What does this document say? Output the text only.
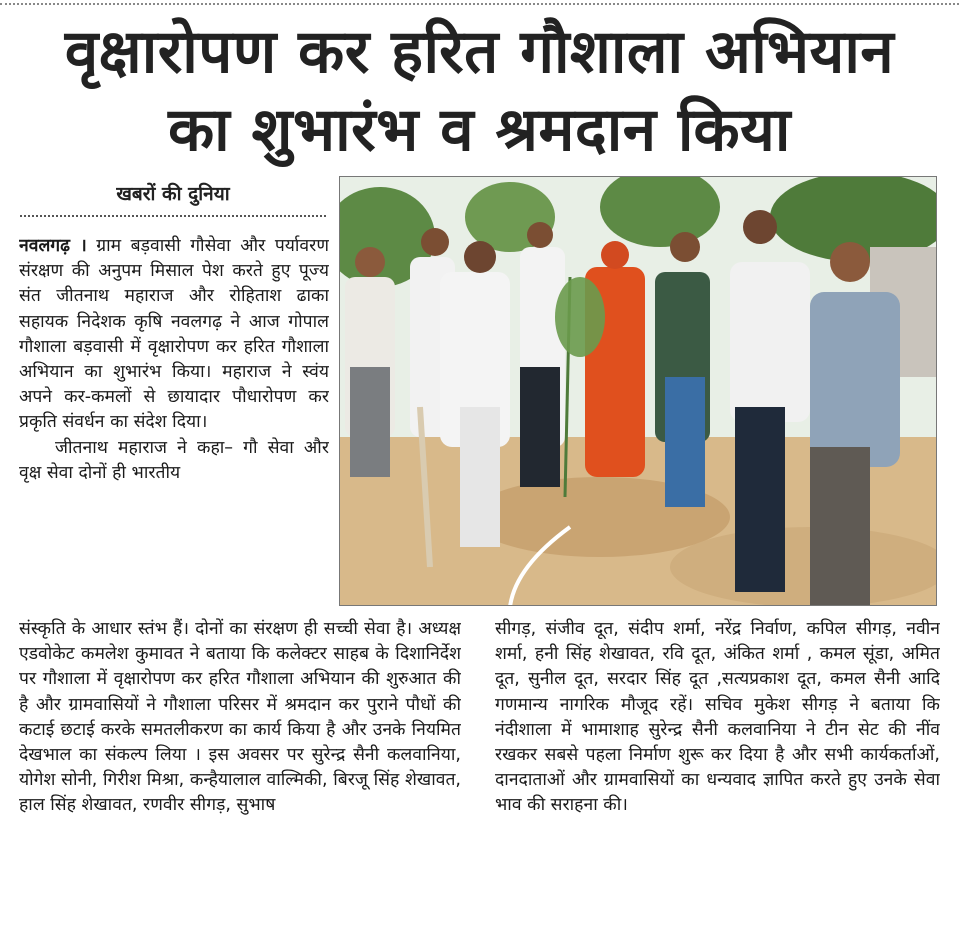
वृक्षारोपण कर हरित गौशाला अभियान
का शुभारंभ व श्रमदान किया
खबरों की दुनिया

नवलगढ़ । ग्राम बड़वासी गौसेवा और पर्यावरण संरक्षण की अनुपम मिसाल पेश करते हुए पूज्य संत जीतनाथ महाराज और रोहिताश ढाका सहायक निदेशक कृषि नवलगढ़ ने आज गोपाल गौशाला बड़वासी में वृक्षारोपण कर हरित गौशाला अभियान का शुभारंभ किया। महाराज ने स्वंय अपने कर-कमलों से छायादार पौधारोपण कर प्रकृति संवर्धन का संदेश दिया।

जीतनाथ महाराज ने कहा– गौ सेवा और वृक्ष सेवा दोनों ही भारतीय

संस्कृति के आधार स्तंभ हैं। दोनों का संरक्षण ही सच्ची सेवा है। अध्यक्ष एडवोकेट कमलेश कुमावत ने बताया कि कलेक्टर साहब के दिशानिर्देश पर गौशाला में वृक्षारोपण कर हरित गौशाला अभियान की शुरुआत की है और ग्रामवासियों ने गौशाला परिसर में श्रमदान कर पुराने पौधों की कटाई छटाई करके समतलीकरण का कार्य किया है और उनके नियमित देखभाल का संकल्प लिया । इस अवसर पर सुरेन्द्र सैनी कलवानिया, योगेश सोनी, गिरीश मिश्रा, कन्हैयालाल वाल्मिकी, बिरजू सिंह शेखावत, हाल सिंह शेखावत, रणवीर सीगड़, सुभाष

सीगड़, संजीव दूत, संदीप शर्मा, नरेंद्र निर्वाण, कपिल सीगड़, नवीन शर्मा, हनी सिंह शेखावत, रवि दूत, अंकित शर्मा , कमल सूंडा, अमित दूत, सुनील दूत, सरदार सिंह दूत ,सत्यप्रकाश दूत, कमल सैनी आदि गणमान्य नागरिक मौजूद रहें। सचिव मुकेश सीगड़ ने बताया कि नंदीशाला में भामाशाह सुरेन्द्र सैनी कलवानिया ने टीन सेट की नींव रखकर सबसे पहला निर्माण शुरू कर दिया है और सभी कार्यकर्ताओं, दानदाताओं और ग्रामवासियों का धन्यवाद ज्ञापित करते हुए उनके सेवा भाव की सराहना की।
